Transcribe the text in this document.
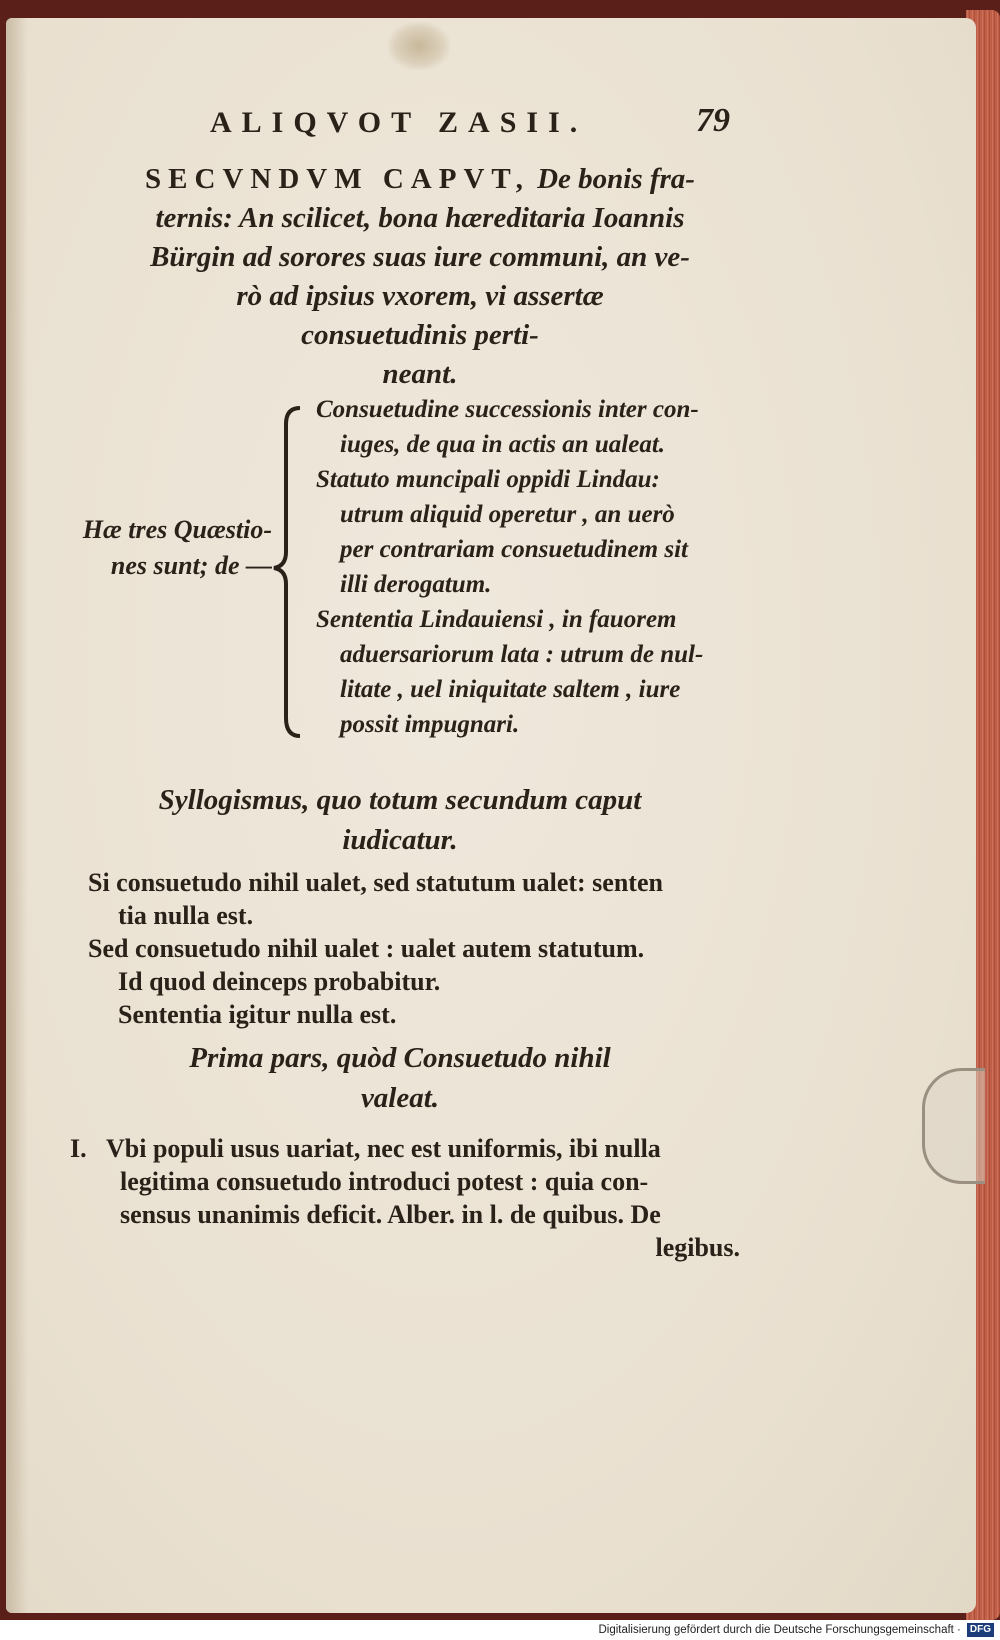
ALIQVOT ZASII.	79
SECVNDVM CAPVT, De bonis fra-
ternis: An scilicet, bona hæreditaria Ioannis
Bürgin ad sorores suas iure communi, an ve-
rò ad ipsius vxorem, vi assertæ
consuetudinis perti-
neant.
Hæ tres Quæstio-
nes sunt; de —
Consuetudine successionis inter con-
iuges, de qua in actis an ualeat.
Statuto muncipali oppidi Lindau:
utrum aliquid operetur , an uerò
per contrariam consuetudinem sit
illi derogatum.
Sententia Lindauiensi , in fauorem
aduersariorum lata : utrum de nul-
litate , uel iniquitate saltem , iure
possit impugnari.
Syllogismus, quo totum secundum caput
iudicatur.
Si consuetudo nihil ualet, sed statutum ualet: senten
tia nulla est.
Sed consuetudo nihil ualet : ualet autem statutum.
Id quod deinceps probabitur.
Sententia igitur nulla est.
Prima pars, quòd Consuetudo nihil
valeat.
I. Vbi populi usus uariat, nec est uniformis, ibi nulla
legitima consuetudo introduci potest : quia con-
sensus unanimis deficit. Alber. in l. de quibus. De
legibus.
Digitalisierung gefördert durch die Deutsche Forschungsgemeinschaft · DFG
